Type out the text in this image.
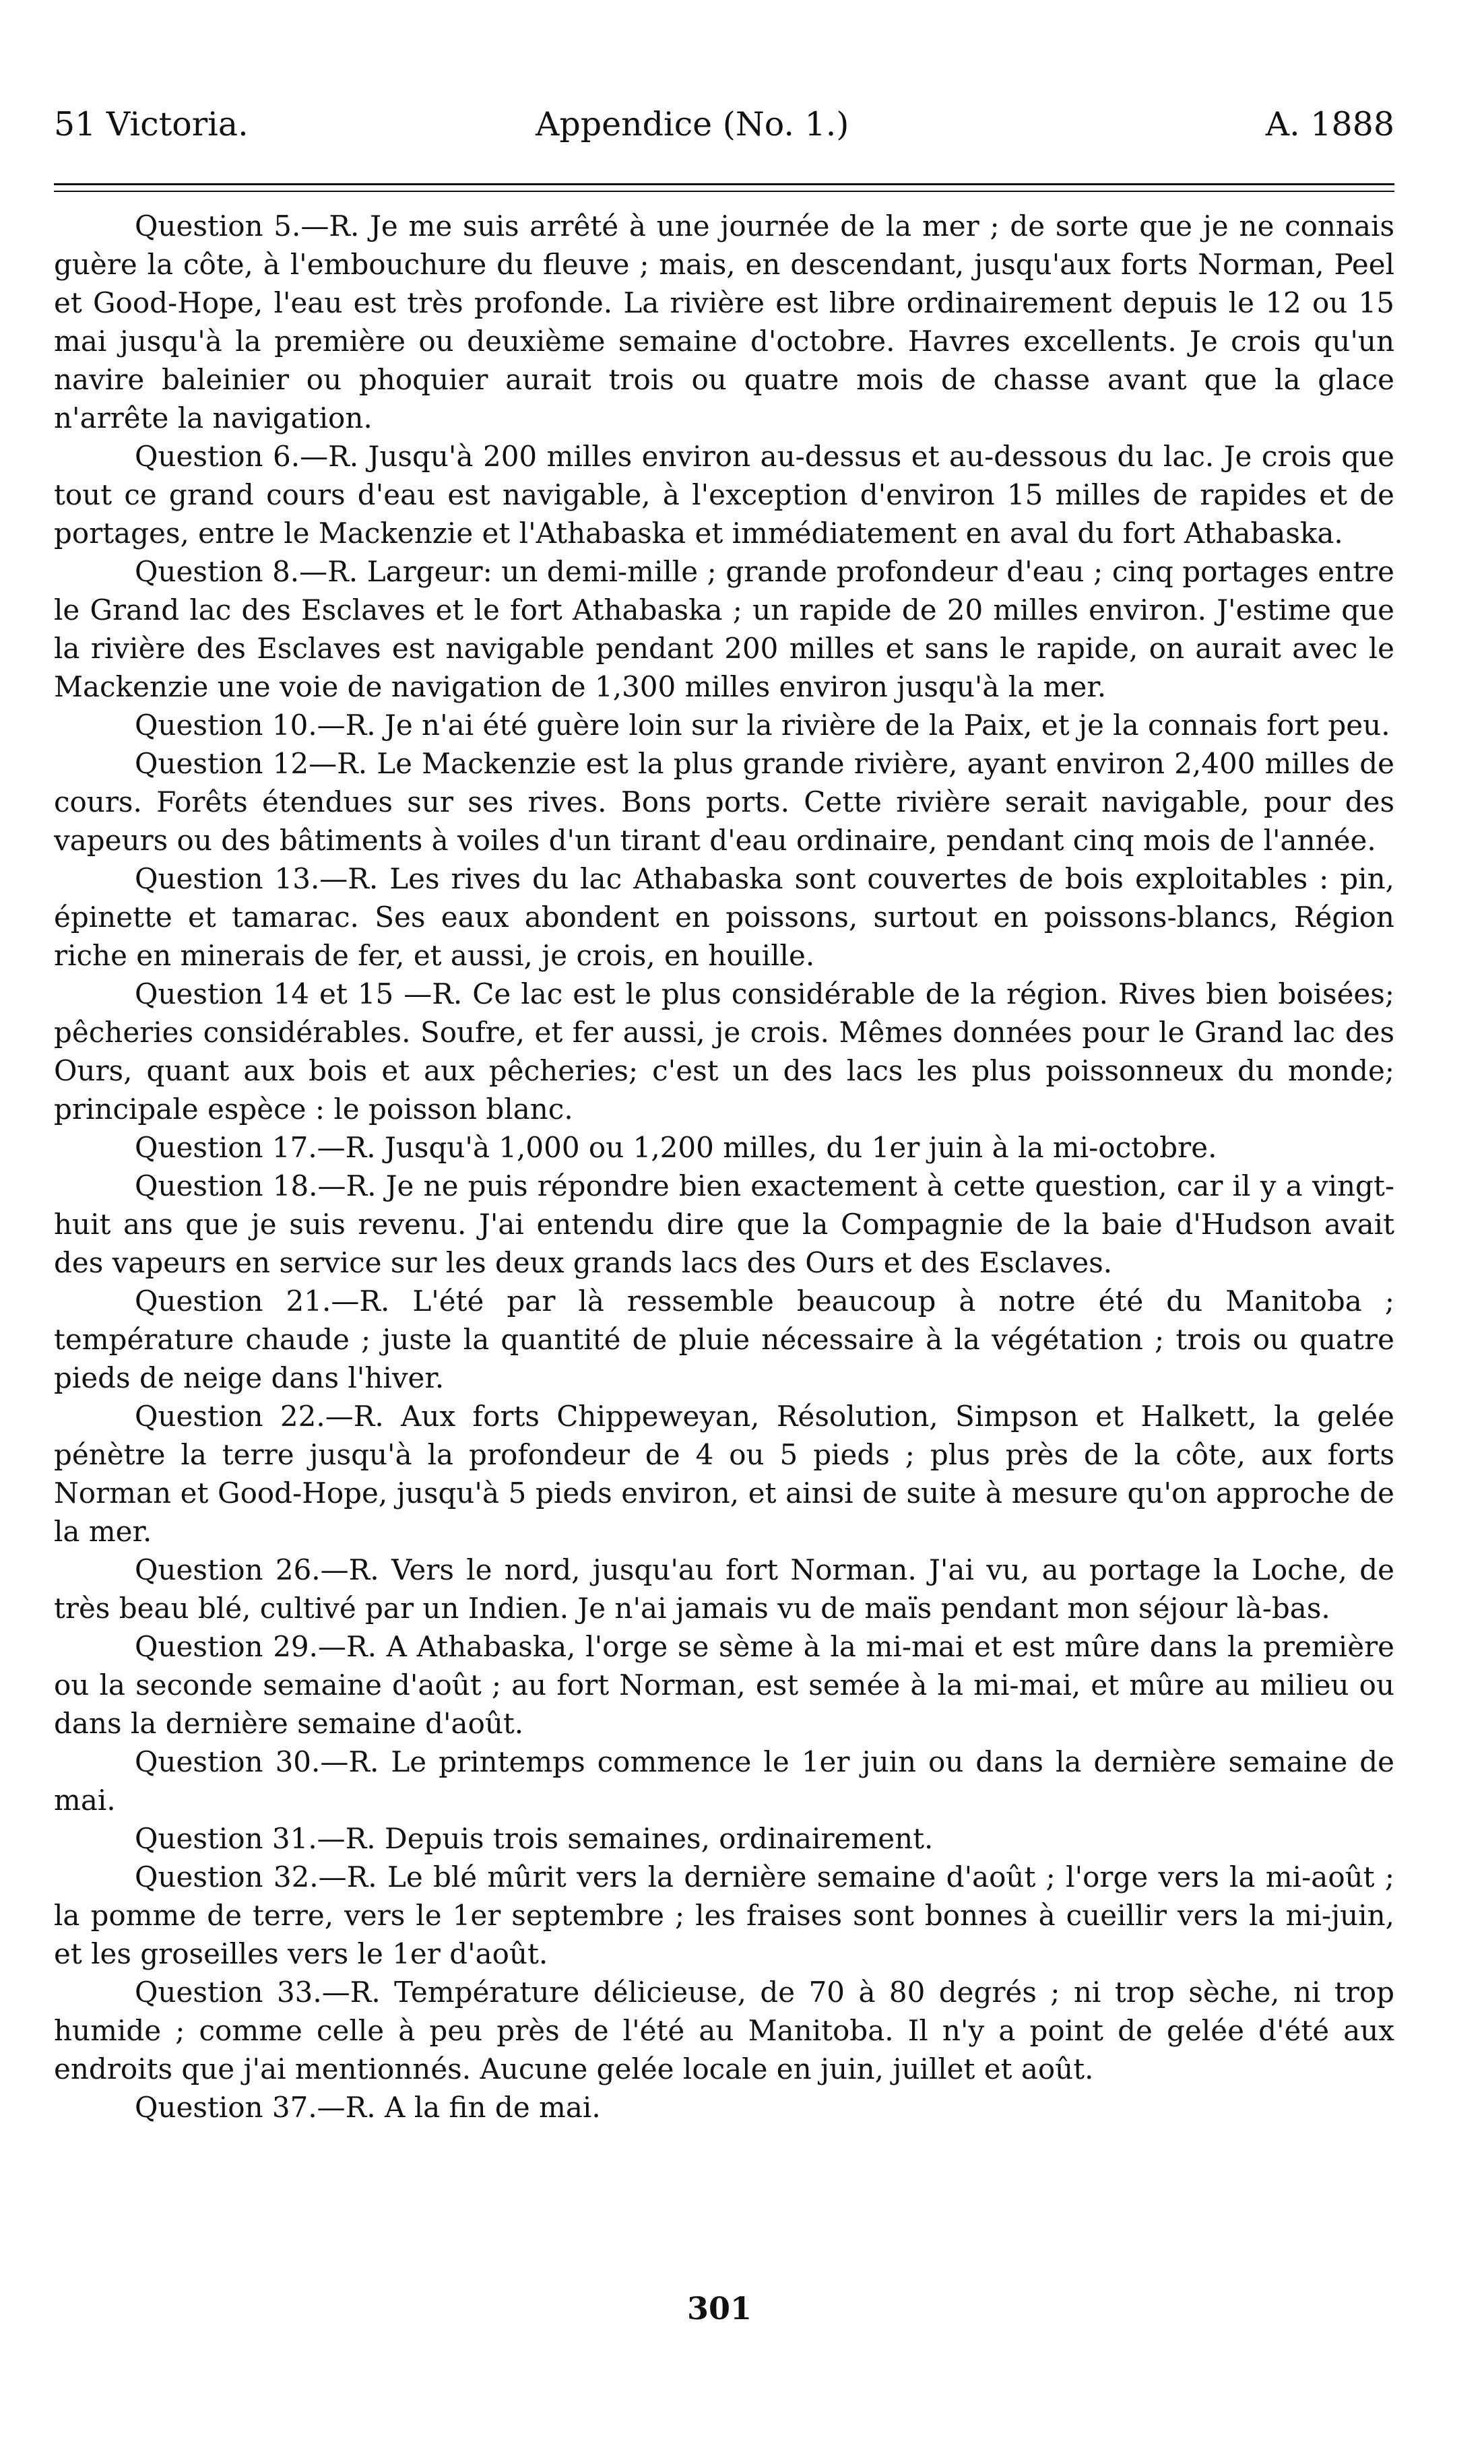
51 Victoria.	Appendice (No. 1.)	A. 1888

Question 5.—R. Je me suis arrêté à une journée de la mer ; de sorte que je ne connais guère la côte, à l'embouchure du fleuve ; mais, en descendant, jusqu'aux forts Norman, Peel et Good-Hope, l'eau est très profonde. La rivière est libre ordinairement depuis le 12 ou 15 mai jusqu'à la première ou deuxième semaine d'octobre. Havres excellents. Je crois qu'un navire baleinier ou phoquier aurait trois ou quatre mois de chasse avant que la glace n'arrête la navigation.

Question 6.—R. Jusqu'à 200 milles environ au-dessus et au-dessous du lac. Je crois que tout ce grand cours d'eau est navigable, à l'exception d'environ 15 milles de rapides et de portages, entre le Mackenzie et l'Athabaska et immédiatement en aval du fort Athabaska.

Question 8.—R. Largeur: un demi-mille ; grande profondeur d'eau ; cinq portages entre le Grand lac des Esclaves et le fort Athabaska ; un rapide de 20 milles environ. J'estime que la rivière des Esclaves est navigable pendant 200 milles et sans le rapide, on aurait avec le Mackenzie une voie de navigation de 1,300 milles environ jusqu'à la mer.

Question 10.—R. Je n'ai été guère loin sur la rivière de la Paix, et je la connais fort peu.

Question 12—R. Le Mackenzie est la plus grande rivière, ayant environ 2,400 milles de cours. Forêts étendues sur ses rives. Bons ports. Cette rivière serait navigable, pour des vapeurs ou des bâtiments à voiles d'un tirant d'eau ordinaire, pendant cinq mois de l'année.

Question 13.—R. Les rives du lac Athabaska sont couvertes de bois exploitables : pin, épinette et tamarac. Ses eaux abondent en poissons, surtout en poissons-blancs, Région riche en minerais de fer, et aussi, je crois, en houille.

Question 14 et 15 —R. Ce lac est le plus considérable de la région. Rives bien boisées; pêcheries considérables. Soufre, et fer aussi, je crois. Mêmes données pour le Grand lac des Ours, quant aux bois et aux pêcheries; c'est un des lacs les plus poissonneux du monde; principale espèce : le poisson blanc.

Question 17.—R. Jusqu'à 1,000 ou 1,200 milles, du 1er juin à la mi-octobre.

Question 18.—R. Je ne puis répondre bien exactement à cette question, car il y a vingt-huit ans que je suis revenu. J'ai entendu dire que la Compagnie de la baie d'Hudson avait des vapeurs en service sur les deux grands lacs des Ours et des Esclaves.

Question 21.—R. L'été par là ressemble beaucoup à notre été du Manitoba ; température chaude ; juste la quantité de pluie nécessaire à la végétation ; trois ou quatre pieds de neige dans l'hiver.

Question 22.—R. Aux forts Chippeweyan, Résolution, Simpson et Halkett, la gelée pénètre la terre jusqu'à la profondeur de 4 ou 5 pieds ; plus près de la côte, aux forts Norman et Good-Hope, jusqu'à 5 pieds environ, et ainsi de suite à mesure qu'on approche de la mer.

Question 26.—R. Vers le nord, jusqu'au fort Norman. J'ai vu, au portage la Loche, de très beau blé, cultivé par un Indien. Je n'ai jamais vu de maïs pendant mon séjour là-bas.

Question 29.—R. A Athabaska, l'orge se sème à la mi-mai et est mûre dans la première ou la seconde semaine d'août ; au fort Norman, est semée à la mi-mai, et mûre au milieu ou dans la dernière semaine d'août.

Question 30.—R. Le printemps commence le 1er juin ou dans la dernière semaine de mai.

Question 31.—R. Depuis trois semaines, ordinairement.

Question 32.—R. Le blé mûrit vers la dernière semaine d'août ; l'orge vers la mi-août ; la pomme de terre, vers le 1er septembre ; les fraises sont bonnes à cueillir vers la mi-juin, et les groseilles vers le 1er d'août.

Question 33.—R. Température délicieuse, de 70 à 80 degrés ; ni trop sèche, ni trop humide ; comme celle à peu près de l'été au Manitoba. Il n'y a point de gelée d'été aux endroits que j'ai mentionnés. Aucune gelée locale en juin, juillet et août.

Question 37.—R. A la fin de mai.

301
